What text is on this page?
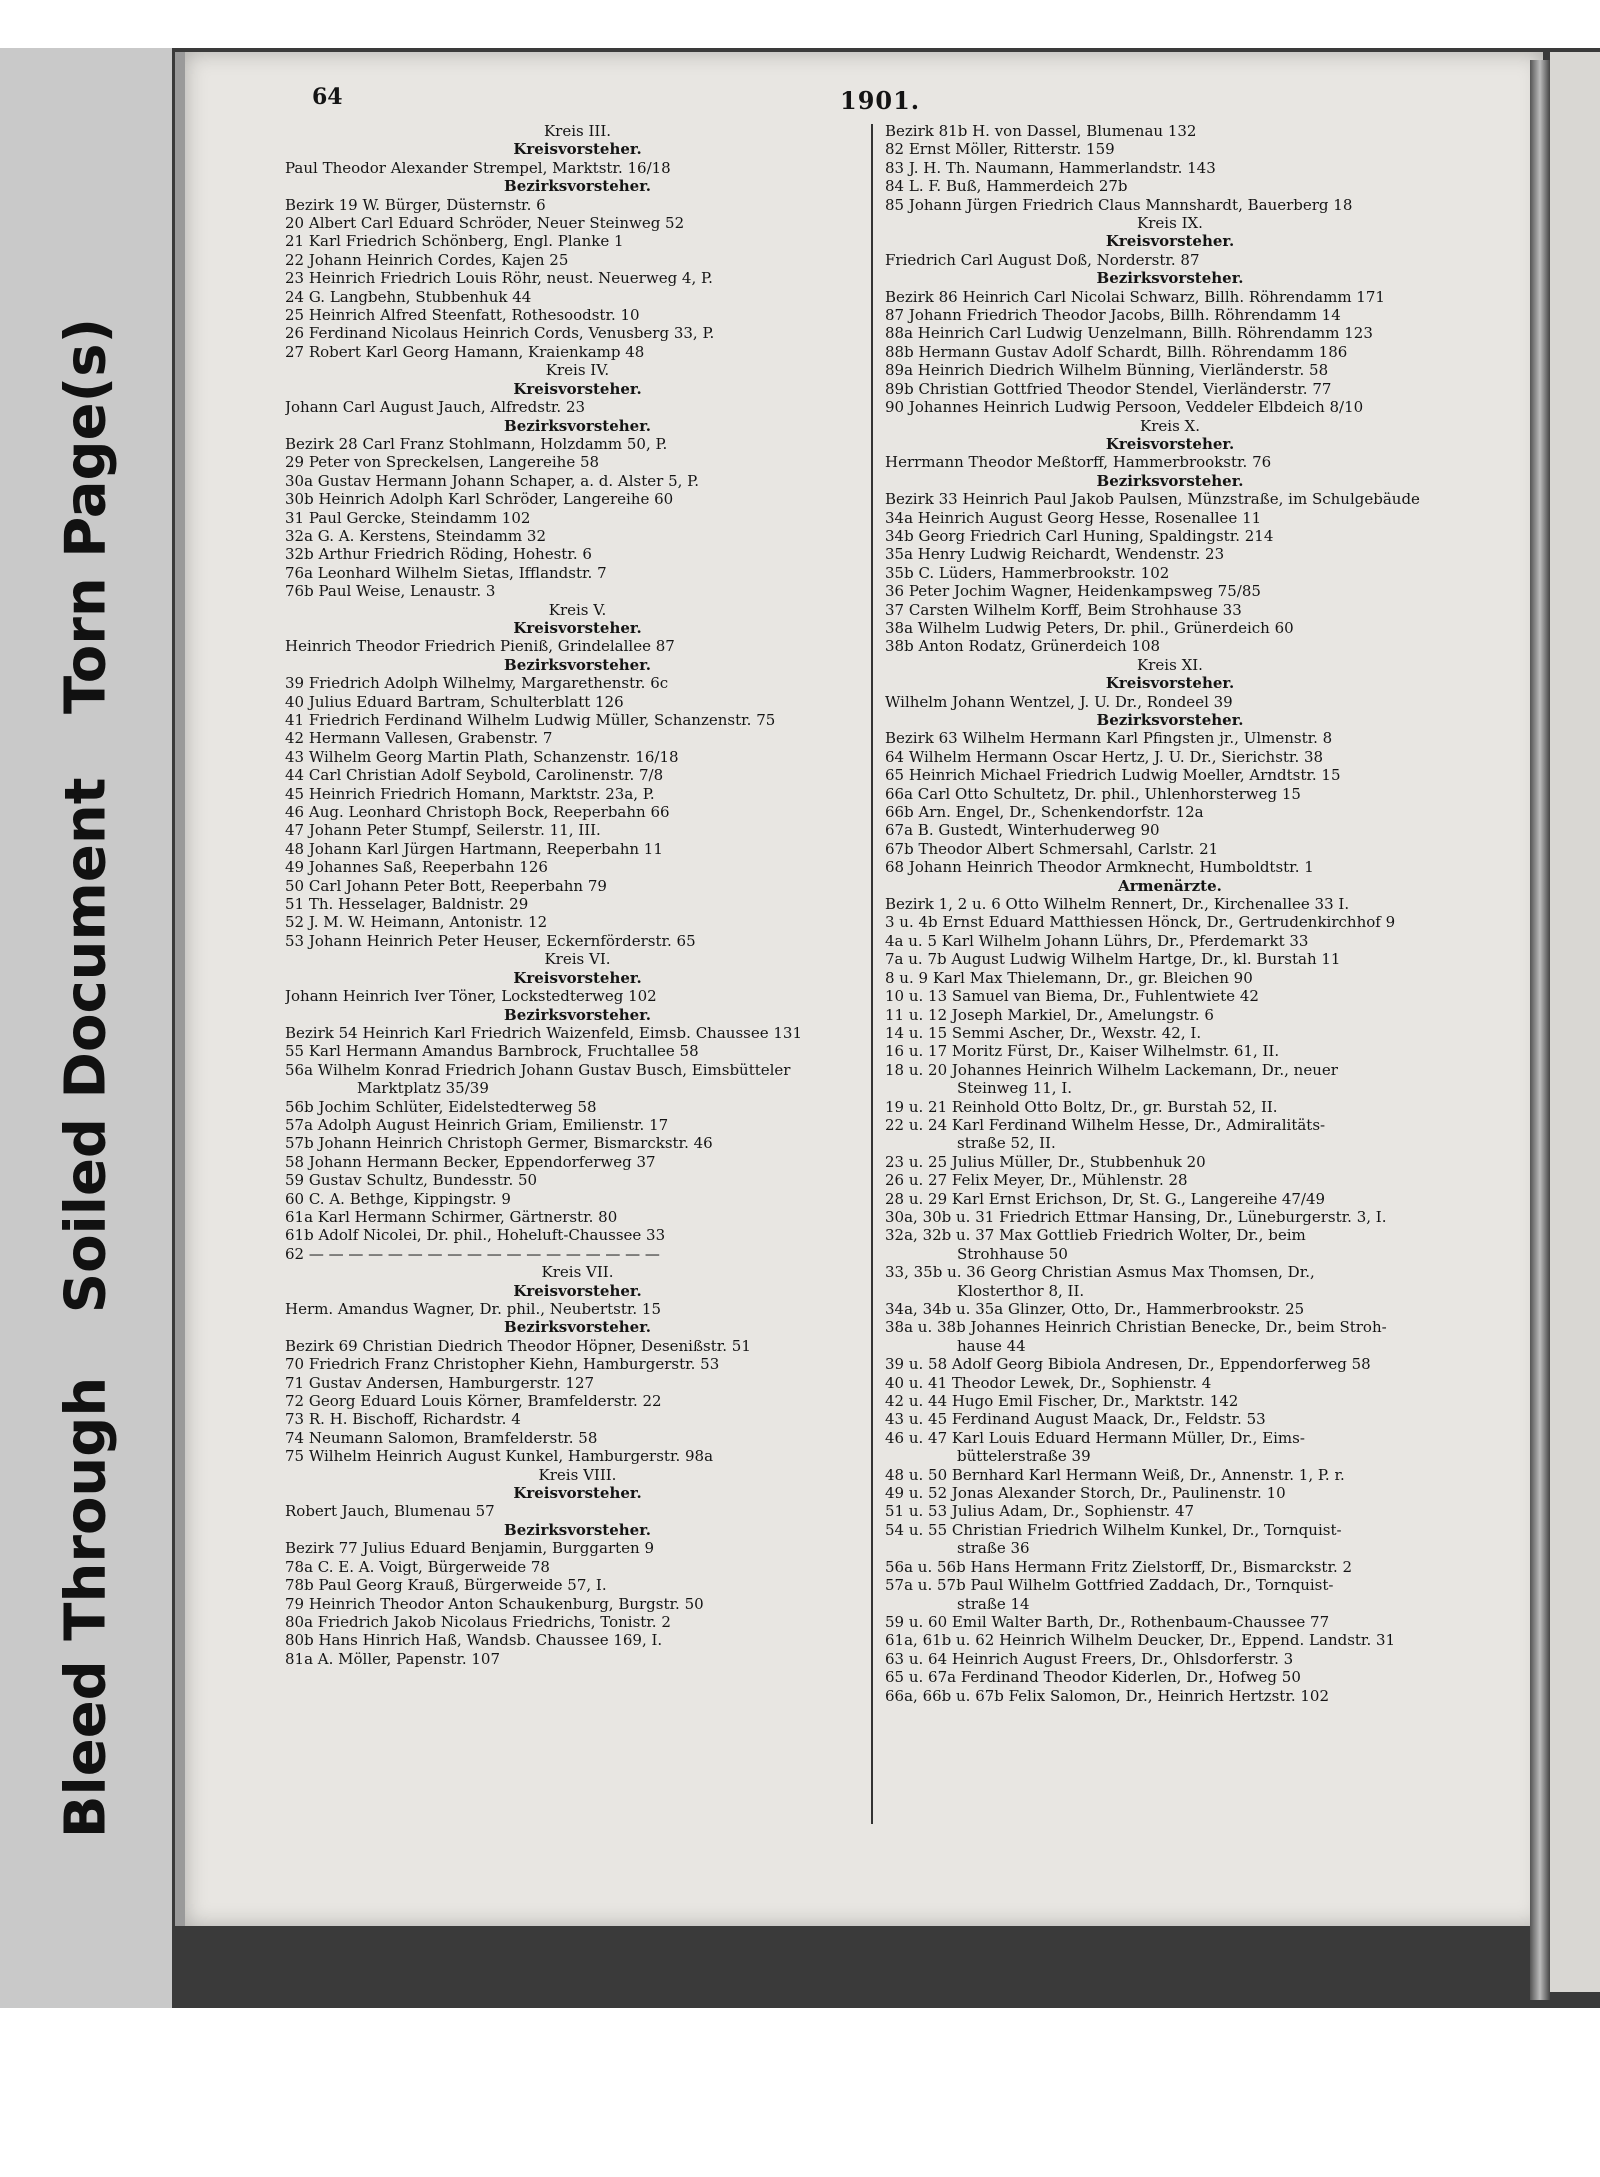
Bleed Through Soiled Document Torn Page(s)
64	1901.
Kreis III.
Kreisvorsteher.
Paul Theodor Alexander Strempel, Marktstr. 16/18
Bezirksvorsteher.
Bezirk 19 W. Bürger, Düsternstr. 6
20 Albert Carl Eduard Schröder, Neuer Steinweg 52
21 Karl Friedrich Schönberg, Engl. Planke 1
22 Johann Heinrich Cordes, Kajen 25
23 Heinrich Friedrich Louis Röhr, neust. Neuerweg 4, P.
24 G. Langbehn, Stubbenhuk 44
25 Heinrich Alfred Steenfatt, Rothesoodstr. 10
26 Ferdinand Nicolaus Heinrich Cords, Venusberg 33, P.
27 Robert Karl Georg Hamann, Kraienkamp 48
Kreis IV.
Kreisvorsteher.
Johann Carl August Jauch, Alfredstr. 23
Bezirksvorsteher.
Bezirk 28 Carl Franz Stohlmann, Holzdamm 50, P.
29 Peter von Spreckelsen, Langereihe 58
30a Gustav Hermann Johann Schaper, a. d. Alster 5, P.
30b Heinrich Adolph Karl Schröder, Langereihe 60
31 Paul Gercke, Steindamm 102
32a G. A. Kerstens, Steindamm 32
32b Arthur Friedrich Röding, Hohestr. 6
76a Leonhard Wilhelm Sietas, Ifflandstr. 7
76b Paul Weise, Lenaustr. 3
Kreis V.
Kreisvorsteher.
Heinrich Theodor Friedrich Pieniß, Grindelallee 87
Bezirksvorsteher.
39 Friedrich Adolph Wilhelmy, Margarethenstr. 6c
40 Julius Eduard Bartram, Schulterblatt 126
41 Friedrich Ferdinand Wilhelm Ludwig Müller, Schanzenstr. 75
42 Hermann Vallesen, Grabenstr. 7
43 Wilhelm Georg Martin Plath, Schanzenstr. 16/18
44 Carl Christian Adolf Seybold, Carolinenstr. 7/8
45 Heinrich Friedrich Homann, Marktstr. 23a, P.
46 Aug. Leonhard Christoph Bock, Reeperbahn 66
47 Johann Peter Stumpf, Seilerstr. 11, III.
48 Johann Karl Jürgen Hartmann, Reeperbahn 11
49 Johannes Saß, Reeperbahn 126
50 Carl Johann Peter Bott, Reeperbahn 79
51 Th. Hesselager, Baldnistr. 29
52 J. M. W. Heimann, Antonistr. 12
53 Johann Heinrich Peter Heuser, Eckernförderstr. 65
Kreis VI.
Kreisvorsteher.
Johann Heinrich Iver Töner, Lockstedterweg 102
Bezirksvorsteher.
Bezirk 54 Heinrich Karl Friedrich Waizenfeld, Eimsb. Chaussee 131
55 Karl Hermann Amandus Barnbrock, Fruchtallee 58
56a Wilhelm Konrad Friedrich Johann Gustav Busch, Eimsbütteler
Marktplatz 35/39
56b Jochim Schlüter, Eidelstedterweg 58
57a Adolph August Heinrich Griam, Emilienstr. 17
57b Johann Heinrich Christoph Germer, Bismarckstr. 46
58 Johann Hermann Becker, Eppendorferweg 37
59 Gustav Schultz, Bundesstr. 50
60 C. A. Bethge, Kippingstr. 9
61a Karl Hermann Schirmer, Gärtnerstr. 80
61b Adolf Nicolei, Dr. phil., Hoheluft-Chaussee 33
62 — — — — — — — — — — — — — — — — — —
Kreis VII.
Kreisvorsteher.
Herm. Amandus Wagner, Dr. phil., Neubertstr. 15
Bezirksvorsteher.
Bezirk 69 Christian Diedrich Theodor Höpner, Desenißstr. 51
70 Friedrich Franz Christopher Kiehn, Hamburgerstr. 53
71 Gustav Andersen, Hamburgerstr. 127
72 Georg Eduard Louis Körner, Bramfelderstr. 22
73 R. H. Bischoff, Richardstr. 4
74 Neumann Salomon, Bramfelderstr. 58
75 Wilhelm Heinrich August Kunkel, Hamburgerstr. 98a
Kreis VIII.
Kreisvorsteher.
Robert Jauch, Blumenau 57
Bezirksvorsteher.
Bezirk 77 Julius Eduard Benjamin, Burggarten 9
78a C. E. A. Voigt, Bürgerweide 78
78b Paul Georg Krauß, Bürgerweide 57, I.
79 Heinrich Theodor Anton Schaukenburg, Burgstr. 50
80a Friedrich Jakob Nicolaus Friedrichs, Tonistr. 2
80b Hans Hinrich Haß, Wandsb. Chaussee 169, I.
81a A. Möller, Papenstr. 107
Bezirk 81b H. von Dassel, Blumenau 132
82 Ernst Möller, Ritterstr. 159
83 J. H. Th. Naumann, Hammerlandstr. 143
84 L. F. Buß, Hammerdeich 27b
85 Johann Jürgen Friedrich Claus Mannshardt, Bauerberg 18
Kreis IX.
Kreisvorsteher.
Friedrich Carl August Doß, Norderstr. 87
Bezirksvorsteher.
Bezirk 86 Heinrich Carl Nicolai Schwarz, Billh. Röhrendamm 171
87 Johann Friedrich Theodor Jacobs, Billh. Röhrendamm 14
88a Heinrich Carl Ludwig Uenzelmann, Billh. Röhrendamm 123
88b Hermann Gustav Adolf Schardt, Billh. Röhrendamm 186
89a Heinrich Diedrich Wilhelm Bünning, Vierländerstr. 58
89b Christian Gottfried Theodor Stendel, Vierländerstr. 77
90 Johannes Heinrich Ludwig Persoon, Veddeler Elbdeich 8/10
Kreis X.
Kreisvorsteher.
Herrmann Theodor Meßtorff, Hammerbrookstr. 76
Bezirksvorsteher.
Bezirk 33 Heinrich Paul Jakob Paulsen, Münzstraße, im Schulgebäude
34a Heinrich August Georg Hesse, Rosenallee 11
34b Georg Friedrich Carl Huning, Spaldingstr. 214
35a Henry Ludwig Reichardt, Wendenstr. 23
35b C. Lüders, Hammerbrookstr. 102
36 Peter Jochim Wagner, Heidenkampsweg 75/85
37 Carsten Wilhelm Korff, Beim Strohhause 33
38a Wilhelm Ludwig Peters, Dr. phil., Grünerdeich 60
38b Anton Rodatz, Grünerdeich 108
Kreis XI.
Kreisvorsteher.
Wilhelm Johann Wentzel, J. U. Dr., Rondeel 39
Bezirksvorsteher.
Bezirk 63 Wilhelm Hermann Karl Pfingsten jr., Ulmenstr. 8
64 Wilhelm Hermann Oscar Hertz, J. U. Dr., Sierichstr. 38
65 Heinrich Michael Friedrich Ludwig Moeller, Arndtstr. 15
66a Carl Otto Schultetz, Dr. phil., Uhlenhorsterweg 15
66b Arn. Engel, Dr., Schenkendorfstr. 12a
67a B. Gustedt, Winterhuderweg 90
67b Theodor Albert Schmersahl, Carlstr. 21
68 Johann Heinrich Theodor Armknecht, Humboldtstr. 1
Armenärzte.
Bezirk 1, 2 u. 6 Otto Wilhelm Rennert, Dr., Kirchenallee 33 I.
3 u. 4b Ernst Eduard Matthiessen Hönck, Dr., Gertrudenkirchhof 9
4a u. 5 Karl Wilhelm Johann Lührs, Dr., Pferdemarkt 33
7a u. 7b August Ludwig Wilhelm Hartge, Dr., kl. Burstah 11
8 u. 9 Karl Max Thielemann, Dr., gr. Bleichen 90
10 u. 13 Samuel van Biema, Dr., Fuhlentwiete 42
11 u. 12 Joseph Markiel, Dr., Amelungstr. 6
14 u. 15 Semmi Ascher, Dr., Wexstr. 42, I.
16 u. 17 Moritz Fürst, Dr., Kaiser Wilhelmstr. 61, II.
18 u. 20 Johannes Heinrich Wilhelm Lackemann, Dr., neuer
Steinweg 11, I.
19 u. 21 Reinhold Otto Boltz, Dr., gr. Burstah 52, II.
22 u. 24 Karl Ferdinand Wilhelm Hesse, Dr., Admiralitäts-
straße 52, II.
23 u. 25 Julius Müller, Dr., Stubbenhuk 20
26 u. 27 Felix Meyer, Dr., Mühlenstr. 28
28 u. 29 Karl Ernst Erichson, Dr, St. G., Langereihe 47/49
30a, 30b u. 31 Friedrich Ettmar Hansing, Dr., Lüneburgerstr. 3, I.
32a, 32b u. 37 Max Gottlieb Friedrich Wolter, Dr., beim
Strohhause 50
33, 35b u. 36 Georg Christian Asmus Max Thomsen, Dr.,
Klosterthor 8, II.
34a, 34b u. 35a Glinzer, Otto, Dr., Hammerbrookstr. 25
38a u. 38b Johannes Heinrich Christian Benecke, Dr., beim Stroh-
hause 44
39 u. 58 Adolf Georg Bibiola Andresen, Dr., Eppendorferweg 58
40 u. 41 Theodor Lewek, Dr., Sophienstr. 4
42 u. 44 Hugo Emil Fischer, Dr., Marktstr. 142
43 u. 45 Ferdinand August Maack, Dr., Feldstr. 53
46 u. 47 Karl Louis Eduard Hermann Müller, Dr., Eims-
büttelerstraße 39
48 u. 50 Bernhard Karl Hermann Weiß, Dr., Annenstr. 1, P. r.
49 u. 52 Jonas Alexander Storch, Dr., Paulinenstr. 10
51 u. 53 Julius Adam, Dr., Sophienstr. 47
54 u. 55 Christian Friedrich Wilhelm Kunkel, Dr., Tornquist-
straße 36
56a u. 56b Hans Hermann Fritz Zielstorff, Dr., Bismarckstr. 2
57a u. 57b Paul Wilhelm Gottfried Zaddach, Dr., Tornquist-
straße 14
59 u. 60 Emil Walter Barth, Dr., Rothenbaum-Chaussee 77
61a, 61b u. 62 Heinrich Wilhelm Deucker, Dr., Eppend. Landstr. 31
63 u. 64 Heinrich August Freers, Dr., Ohlsdorferstr. 3
65 u. 67a Ferdinand Theodor Kiderlen, Dr., Hofweg 50
66a, 66b u. 67b Felix Salomon, Dr., Heinrich Hertzstr. 102
